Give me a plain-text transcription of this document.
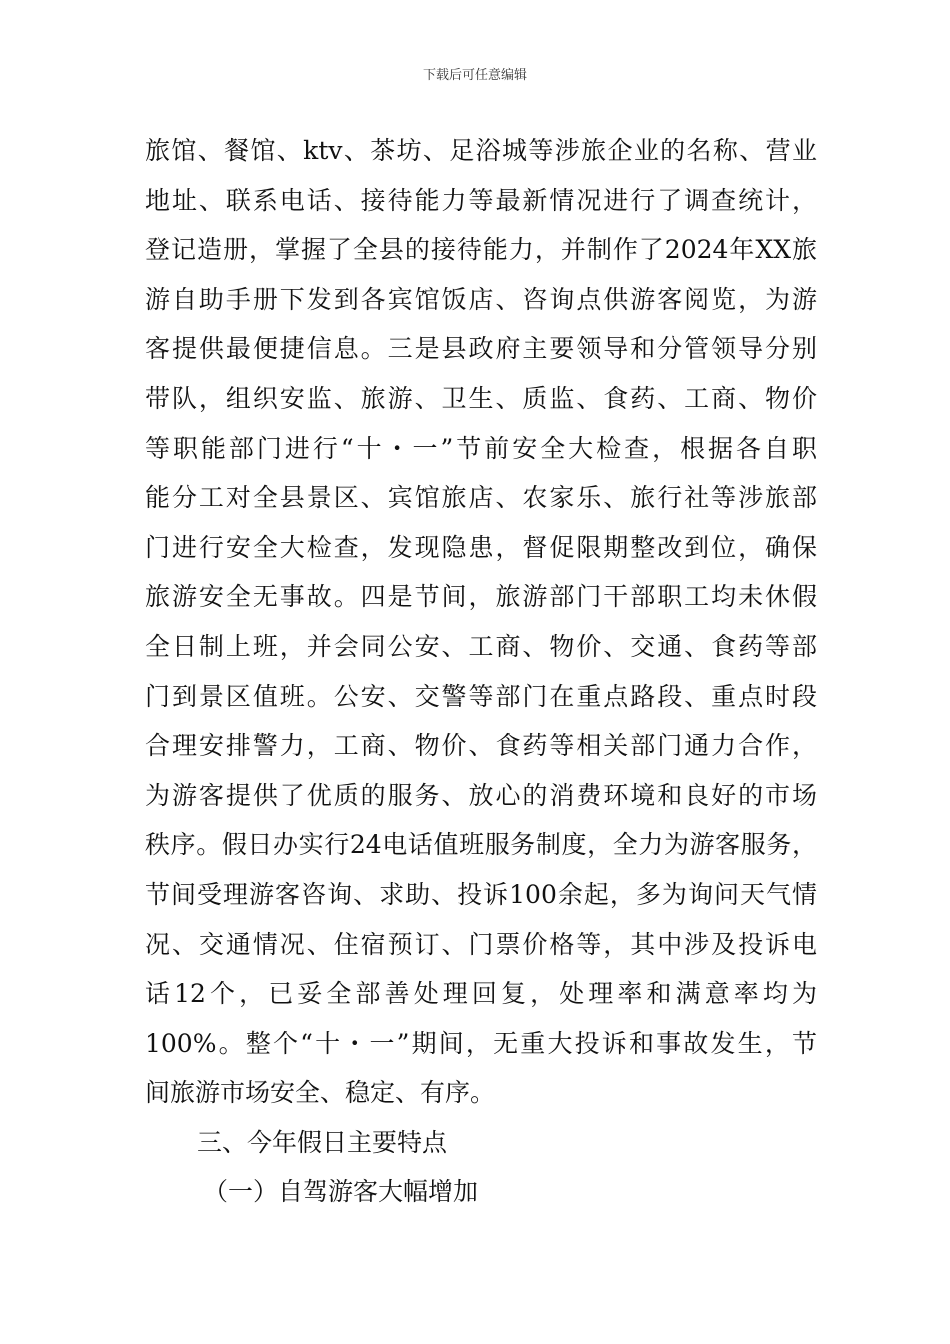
下载后可任意编辑
旅馆、餐馆、ktv、茶坊、足浴城等涉旅企业的名称、营业
地址、联系电话、接待能力等最新情况进行了调查统计，
登记造册，掌握了全县的接待能力，并制作了2024年XX旅
游自助手册下发到各宾馆饭店、咨询点供游客阅览，为游
客提供最便捷信息。三是县政府主要领导和分管领导分别
带队，组织安监、旅游、卫生、质监、食药、工商、物价
等职能部门进行“十・一”节前安全大检查，根据各自职
能分工对全县景区、宾馆旅店、农家乐、旅行社等涉旅部
门进行安全大检查，发现隐患，督促限期整改到位，确保
旅游安全无事故。四是节间，旅游部门干部职工均未休假
全日制上班，并会同公安、工商、物价、交通、食药等部
门到景区值班。公安、交警等部门在重点路段、重点时段
合理安排警力，工商、物价、食药等相关部门通力合作，
为游客提供了优质的服务、放心的消费环境和良好的市场
秩序。假日办实行24电话值班服务制度，全力为游客服务，
节间受理游客咨询、求助、投诉100余起，多为询问天气情
况、交通情况、住宿预订、门票价格等，其中涉及投诉电
话12个，已妥全部善处理回复，处理率和满意率均为
100%。整个“十・一”期间，无重大投诉和事故发生，节
间旅游市场安全、稳定、有序。
三、今年假日主要特点
（一）自驾游客大幅增加
